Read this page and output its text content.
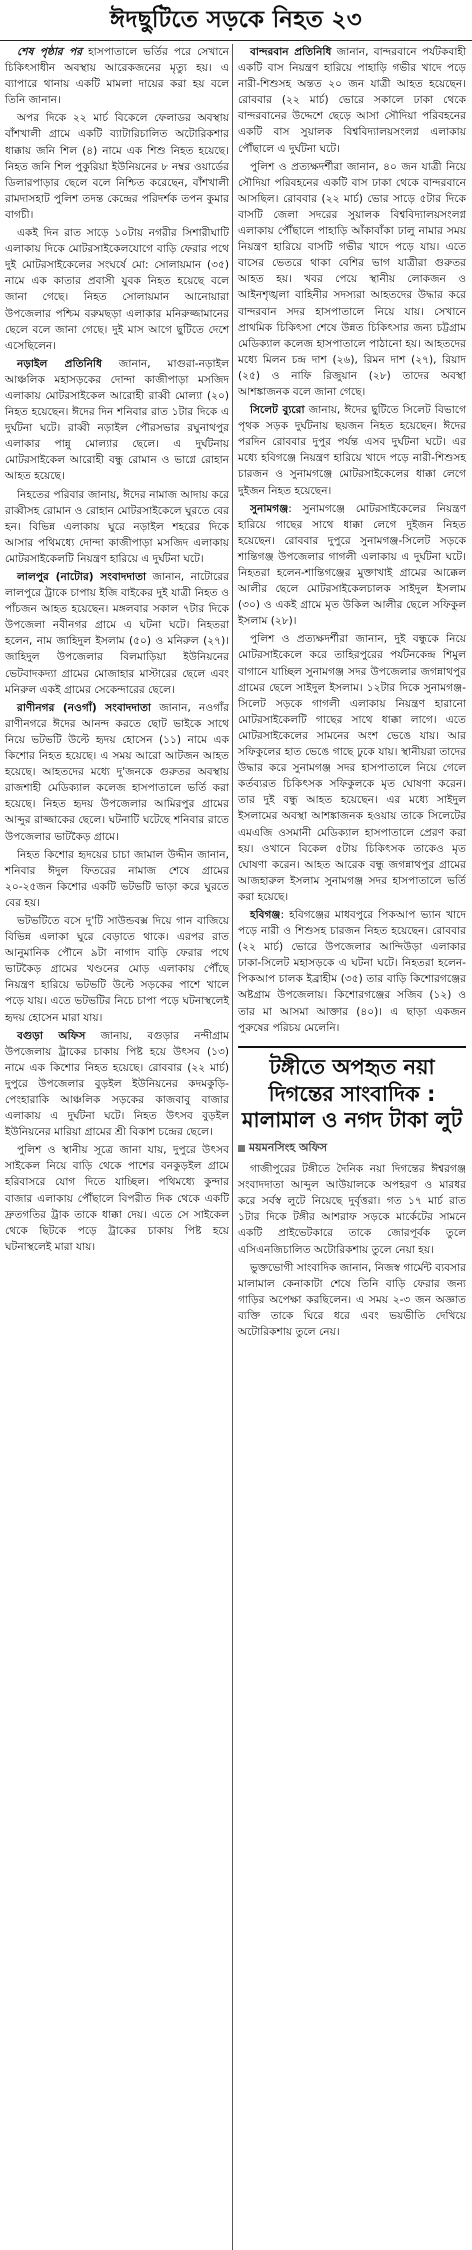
ঈদছুটিতে সড়কে নিহত ২৩

শেষ পৃষ্ঠার পর হাসপাতালে ভর্তির পরে সেখানে চিকিৎসাধীন অবস্থায় আরেকজনের মৃত্যু হয়। এ ব্যাপারে থানায় একটি মামলা দায়ের করা হয় বলে তিনি জানান।

অপর দিকে ২২ মার্চ বিকেলে ফেলাডর অবস্থায় বাঁশখালী গ্রামে একটি ব্যাটারিচালিত অটোরিকশার ধাক্কায় জনি শিল (৪) নামে এক শিশু নিহত হয়েছে। নিহত জনি শিল পুকুরিয়া ইউনিয়নের ৮ নম্বর ওয়ার্ডের ডিলারপাড়ার ছেলে বলে নিশ্চিত করেছেন, বাঁশখালী রামদাসহাট পুলিশ তদন্ত কেন্দ্রের পরিদর্শক তপন কুমার বাগচী।

একই দিন রাত সাড়ে ১০টায় নগরীর সিশারীঘাটি এলাকায় দিকে মোটরসাইকেলযোগে বাড়ি ফেরার পথে দুই মোটরসাইকেলের সংঘর্ষে মো: সোলায়মান (৩৫) নামে এক কাতার প্রবাসী যুবক নিহত হয়েছে বলে জানা গেছে। নিহত সোলায়মান আনোয়ারা উপজেলার পশ্চিম বরুমছড়া এলাকার মনিরুজ্জামানের ছেলে বলে জানা গেছে। দুই মাস আগে ছুটিতে দেশে এসেছিলেন।

নড়াইল প্রতিনিধি জানান, মাগুরা-নড়াইল আঞ্চলিক মহাসড়কের দোন্দা কাজীপাড়া মসজিদ এলাকায় মোটরসাইকেল আরোহী রাব্বী মোল্যা (২০) নিহত হয়েছেন। ঈদের দিন শনিবার রাত ১টার দিকে এ দুর্ঘটনা ঘটে। রাব্বী নড়াইল পৌরসভার রঘুনাথপুর এলাকার পান্নু মোল্যার ছেলে। এ দুর্ঘটনায় মোটরসাইকেল আরোহী বন্ধু রোমান ও ভাগ্নে রোহান আহত হয়েছে।

নিহতের পরিবার জানায়, ঈদের নামাজ আদায় করে রাব্বীসহ রোমান ও রোহান মোটরসাইকেলে ঘুরতে বের হন। বিভিন্ন এলাকায় ঘুরে নড়াইল শহরের দিকে আসার পথিমধ্যে দোন্দা কাজীপাড়া মসজিদ এলাকায় মোটরসাইকেলটি নিয়ন্ত্রণ হারিয়ে এ দুর্ঘটনা ঘটে।

লালপুর (নাটোর) সংবাদদাতা জানান, নাটোরের লালপুরে ট্রাকে চাপায় ইজি বাইকের দুই যাত্রী নিহত ও পাঁচজন আহত হয়েছেন। মঙ্গলবার সকাল ৭টার দিকে উপজেলা নবীনগর গ্রামে এ ঘটনা ঘটে। নিহতরা হলেন, নাম জাহিদুল ইসলাম (৫০) ও মনিরুল (২৭)। জাহিদুল উপজেলার বিলমাড়িয়া ইউনিয়নের ভেটবাদকদ্যা গ্রামের মোজাহার মাস্টারের ছেলে এবং মনিরুল একই গ্রামের সেকেন্দারের ছেলে।

রাণীনগর (নওগাঁ) সংবাদদাতা জানান, নওগাঁর রাণীনগরে ঈদের আনন্দ করতে ছোট ভাইকে সাথে নিয়ে ভটভটি উল্টে হৃদয় হোসেন (১১) নামে এক কিশোর নিহত হয়েছে। এ সময় আরো আটজন আহত হয়েছে। আহতদের মধ্যে দু'জনকে গুরুতর অবস্থায় রাজশাহী মেডিক্যাল কলেজ হাসপাতালে ভর্তি করা হয়েছে। নিহত হৃদয় উপজেলার আমিরপুর গ্রামের আব্দুর রাজ্জাকের ছেলে। ঘটনাটি ঘটেছে শনিবার রাতে উপজেলার ভাটকৈড় গ্রামে।

নিহত কিশোর হৃদয়ের চাচা জামাল উদ্দীন জানান, শনিবার ঈদুল ফিতরের নামাজ শেষে গ্রামের ২০-২৫জন কিশোর একটি ভটভটি ভাড়া করে ঘুরতে বের হয়।

ভটভটিতে বসে দু'টি সাউন্ডবক্স দিয়ে গান বাজিয়ে বিভিন্ন এলাকা ঘুরে বেড়াতে থাকে। এরপর রাত আনুমানিক পৌনে ৯টা নাগাদ বাড়ি ফেরার পথে ভাটকৈড় গ্রামের খণ্ডনের মোড় এলাকায় পৌঁছে নিয়ন্ত্রণ হারিয়ে ভটভটি উল্টে সড়কের পাশে খালে পড়ে যায়। এতে ভটভটির নিচে চাপা পড়ে ঘটনাস্থলেই হৃদয় হোসেন মারা যায়।

বগুড়া অফিস জানায়, বগুড়ার নন্দীগ্রাম উপজেলায় ট্রাকের চাকায় পিষ্ট হয়ে উৎসব (১৩) নামে এক কিশোর নিহত হয়েছে। রোববার (২২ মার্চ) দুপুরে উপজেলার বুড়ইল ইউনিয়নের কদমকুড়ি-পেংহারাকি আঞ্চলিক সড়কের কাজবাবু বাজার এলাকায় এ দুর্ঘটনা ঘটে। নিহত উৎসব বুড়ইল ইউনিয়নের মারিয়া গ্রামের শ্রী বিকাশ চন্দ্রের ছেলে।

পুলিশ ও স্থানীয় সূত্রে জানা যায়, দুপুরে উৎসব সাইকেল নিয়ে বাড়ি থেকে পাশের বনকুড়ইল গ্রামে হরিবাসরে যোগ দিতে যাচ্ছিল। পথিমধ্যে কুন্দার বাজার এলাকায় পৌঁছালে বিপরীত দিক থেকে একটি দ্রুতগতির ট্রাক তাকে ধাক্কা দেয়। এতে সে সাইকেল থেকে ছিটকে পড়ে ট্রাকের চাকায় পিষ্ট হয়ে ঘটনাস্থলেই মারা যায়।

বান্দরবান প্রতিনিধি জানান, বান্দরবানে পর্যটকবাহী একটি বাস নিয়ন্ত্রণ হারিয়ে পাহাড়ি গভীর খাদে পড়ে নারী-শিশুসহ অন্তত ২০ জন যাত্রী আহত হয়েছেন। রোববার (২২ মার্চ) ভোরে সকালে ঢাকা থেকে বান্দরবানের উদ্দেশে ছেড়ে আসা সৌদিয়া পরিবহনের একটি বাস সুয়ালক বিশ্ববিদ্যালয়সংলগ্ন এলাকায় পৌঁছালে এ দুর্ঘটনা ঘটে।

পুলিশ ও প্রত্যক্ষদর্শীরা জানান, ৪০ জন যাত্রী নিয়ে সৌদিয়া পরিবহনের একটি বাস ঢাকা থেকে বান্দরবানে আসছিল। রোববার (২২ মার্চ) ভোর সাড়ে ৫টার দিকে বাসটি জেলা সদরের সুয়ালক বিশ্ববিদ্যালয়সংলগ্ন এলাকায় পৌঁছালে পাহাড়ি আঁকাবাঁকা ঢালু নামার সময় নিয়ন্ত্রণ হারিয়ে বাসটি গভীর খাদে পড়ে যায়। এতে বাসের ভেতরে থাকা বেশির ভাগ যাত্রীরা গুরুতর আহত হয়। খবর পেয়ে স্থানীয় লোকজন ও আইনশৃঙ্খলা বাহিনীর সদস্যরা আহতদের উদ্ধার করে বান্দরবান সদর হাসপাতালে নিয়ে যায়। সেখানে প্রাথমিক চিকিৎসা শেষে উন্নত চিকিৎসার জন্য চট্টগ্রাম মেডিক্যাল কলেজ হাসপাতালে পাঠানো হয়। আহতদের মধ্যে মিলন চন্দ্র দাশ (২৬), রিমন দাশ (২৭), রিয়াদ (২৫) ও নাফি রিজুয়ান (২৮) তাদের অবস্থা আশঙ্কাজনক বলে জানা গেছে।

সিলেট ব্যুরো জানায়, ঈদের ছুটিতে সিলেট বিভাগে পৃথক সড়ক দুর্ঘটনায় ছয়জন নিহত হয়েছেন। ঈদের পরদিন রোববার দুপুর পর্যন্ত এসব দুর্ঘটনা ঘটে। এর মধ্যে হবিগঞ্জে নিয়ন্ত্রণ হারিয়ে খাদে পড়ে নারী-শিশুসহ চারজন ও সুনামগঞ্জে মোটরসাইকেলের ধাক্কা লেগে দুইজন নিহত হয়েছেন।

সুনামগঞ্জ: সুনামগঞ্জে মোটরসাইকেলের নিয়ন্ত্রণ হারিয়ে গাছের সাথে ধাক্কা লেগে দুইজন নিহত হয়েছেন। রোববার দুপুরে সুনামগঞ্জ-সিলেট সড়কে শান্তিগঞ্জ উপজেলার গাগলী এলাকায় এ দুর্ঘটনা ঘটে। নিহতরা হলেন-শান্তিগঞ্জের মুক্তাখাই গ্রামের আক্কেল আলীর ছেলে মোটরসাইকেলচালক সাইদুল ইসলাম (৩০) ও একই গ্রামে মৃত উকিল আলীর ছেলে সফিকুল ইসলাম (২৮)।

পুলিশ ও প্রত্যক্ষদর্শীরা জানান, দুই বন্ধুকে নিয়ে মোটরসাইকেলে করে তাহিরপুরের পর্যটনকেন্দ্র শিমুল বাগানে যাচ্ছিল সুনামগঞ্জ সদর উপজেলার জগন্নাথপুর গ্রামের ছেলে সাইদুল ইসলাম। ১২টার দিকে সুনামগঞ্জ-সিলেট সড়কে গাগলী এলাকায় নিয়ন্ত্রণ হারানো মোটরসাইকেলটি গাছের সাথে ধাক্কা লাগে। এতে মোটরসাইকেলের সামনের অংশ ভেঙে যায়। আর সফিকুলের হাত ভেঙে গাছে ঢুকে যায়। স্থানীয়রা তাদের উদ্ধার করে সুনামগঞ্জ সদর হাসপাতালে নিয়ে গেলে কর্তব্যরত চিকিৎসক সফিকুলকে মৃত ঘোষণা করেন। তার দুই বন্ধু আহত হয়েছেন। এর মধ্যে সাইদুল ইসলামের অবস্থা আশঙ্কাজনক হওয়ায় তাকে সিলেটের এমএজি ওসমানী মেডিক্যাল হাসপাতালে প্রেরণ করা হয়। ওখানে বিকেল ৫টায় চিকিৎসক তাকেও মৃত ঘোষণা করেন। আহত আরেক বন্ধু জগন্নাথপুর গ্রামের আজহারুল ইসলাম সুনামগঞ্জ সদর হাসপাতালে ভর্তি করা হয়েছে।

হবিগঞ্জ: হবিগঞ্জের মাধবপুরে পিকআপ ভ্যান খাদে পড়ে নারী ও শিশুসহ চারজন নিহত হয়েছেন। রোববার (২২ মার্চ) ভোরে উপজেলার আন্দিউড়া এলাকার ঢাকা-সিলেট মহাসড়কে এ ঘটনা ঘটে। নিহতরা হলেন- পিকআপ চালক ইব্রাহীম (৩৫) তার বাড়ি কিশোরগঞ্জের অষ্টগ্রাম উপজেলায়। কিশোরগঞ্জের সজিব (১২) ও তার মা আসমা আক্তার (৪০)। এ ছাড়া একজন পুরুষের পরিচয় মেলেনি।

টঙ্গীতে অপহৃত নয়া দিগন্তের সাংবাদিক : মালামাল ও নগদ টাকা লুট
ময়মনসিংহ অফিস

গাজীপুরের টঙ্গীতে দৈনিক নয়া দিগন্তের ঈশ্বরগঞ্জ সংবাদদাতা আব্দুল আউয়ালকে অপহরণ ও মারধর করে সর্বস্ব লুটে নিয়েছে দুর্বৃত্তরা। গত ১৭ মার্চ রাত ১টার দিকে টঙ্গীর আশরাফ সড়কে মার্কেটের সামনে একটি প্রাইভেটকারে তাকে জোরপূর্বক তুলে এসিএনজিচালিত অটোরিকশায় তুলে নেয়া হয়।

ভুক্তভোগী সাংবাদিক জানান, নিজস্ব গার্মেন্ট ব্যবসার মালামাল কেনাকাটা শেষে তিনি বাড়ি ফেরার জন্য গাড়ির অপেক্ষা করছিলেন। এ সময় ২-৩ জন অজ্ঞাত ব্যক্তি তাকে ঘিরে ধরে এবং ভয়ভীতি দেখিয়ে অটোরিকশায় তুলে নেয়।
